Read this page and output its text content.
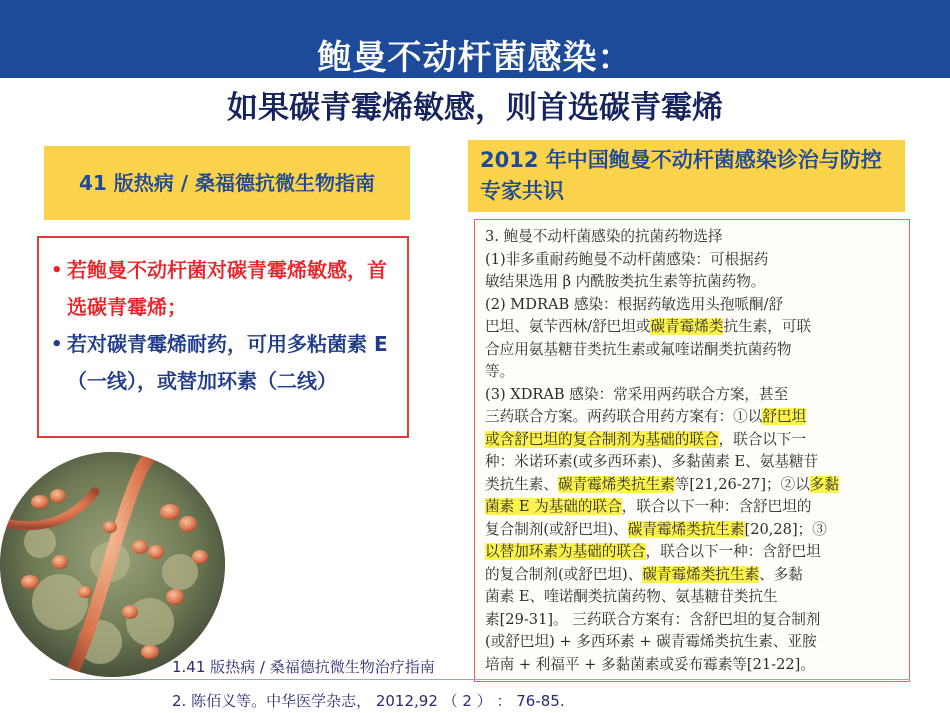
鲍曼不动杆菌感染：
如果碳青霉烯敏感，则首选碳青霉烯
41 版热病 / 桑福德抗微生物指南
• 若鲍曼不动杆菌对碳青霉烯敏感，首选碳青霉烯；
• 若对碳青霉烯耐药，可用多粘菌素 E （一线），或替加环素（二线）
2012 年中国鲍曼不动杆菌感染诊治与防控专家共识
3. 鲍曼不动杆菌感染的抗菌药物选择
(1)非多重耐药鲍曼不动杆菌感染：可根据药
敏结果选用 β 内酰胺类抗生素等抗菌药物。
(2) MDRAB 感染：根据药敏选用头孢哌酮/舒
巴坦、氨苄西林/舒巴坦或碳青霉烯类抗生素，可联
合应用氨基糖苷类抗生素或氟喹诺酮类抗菌药物
等。
(3) XDRAB 感染：常采用两药联合方案，甚至
三药联合方案。两药联合用药方案有：①以舒巴坦
或含舒巴坦的复合制剂为基础的联合，联合以下一
种：米诺环素(或多西环素)、多黏菌素 E、氨基糖苷
类抗生素、碳青霉烯类抗生素等[21,26-27]；②以多黏
菌素 E 为基础的联合，联合以下一种：含舒巴坦的
复合制剂(或舒巴坦)、碳青霉烯类抗生素[20,28]；③
以替加环素为基础的联合，联合以下一种：含舒巴坦
的复合制剂(或舒巴坦)、碳青霉烯类抗生素、多黏
菌素 E、喹诺酮类抗菌药物、氨基糖苷类抗生
素[29-31]。 三药联合方案有：含舒巴坦的复合制剂
(或舒巴坦) + 多西环素 + 碳青霉烯类抗生素、亚胺
培南 + 利福平 + 多黏菌素或妥布霉素等[21-22]。
1.41 版热病 / 桑福德抗微生物治疗指南
2. 陈佰义等。中华医学杂志， 2012,92 （ 2 ） ： 76-85.
